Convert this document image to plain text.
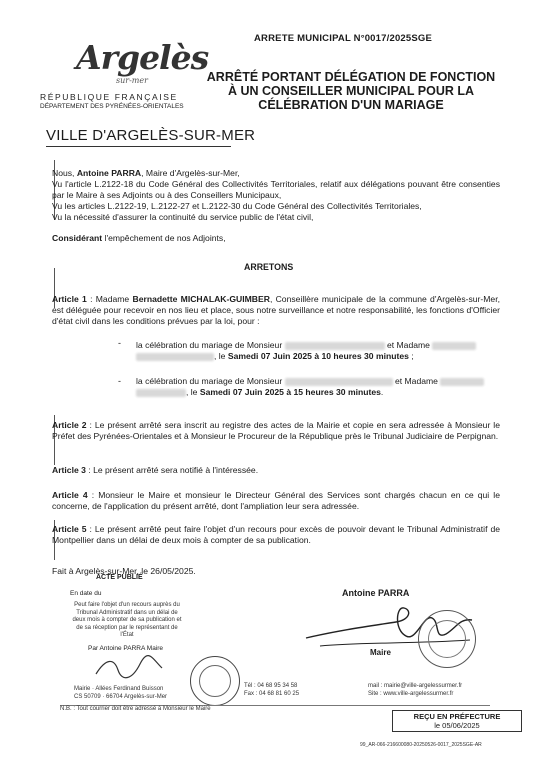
Argelès
sur-mer
RÉPUBLIQUE FRANÇAISE
DÉPARTEMENT DES PYRÉNÉES-ORIENTALES
ARRETE MUNICIPAL N°0017/2025SGE
ARRÊTÉ PORTANT DÉLÉGATION DE FONCTION
À UN CONSEILLER MUNICIPAL POUR LA
CÉLÉBRATION D'UN MARIAGE
VILLE D'ARGELÈS-SUR-MER
Nous, Antoine PARRA, Maire d'Argelès-sur-Mer,
Vu l'article L.2122-18 du Code Général des Collectivités Territoriales, relatif aux délégations pouvant être consenties par le Maire à ses Adjoints ou à des Conseillers Municipaux,
Vu les articles L.2122-19, L.2122-27 et L.2122-30 du Code Général des Collectivités Territoriales,
Vu la nécessité d'assurer la continuité du service public de l'état civil,
Considérant l'empêchement de nos Adjoints,
ARRETONS
Article 1 : Madame Bernadette MICHALAK-GUIMBER, Conseillère municipale de la commune d'Argelès-sur-Mer, est déléguée pour recevoir en nos lieu et place, sous notre surveillance et notre responsabilité, les fonctions d'Officier d'état civil dans les conditions prévues par la loi, pour :
- la célébration du mariage de Monsieur	et Madame
, le Samedi 07 Juin 2025 à 10 heures 30 minutes ;
- la célébration du mariage de Monsieur	et Madame
, le Samedi 07 Juin 2025 à 15 heures 30 minutes.
Article 2 : Le présent arrêté sera inscrit au registre des actes de la Mairie et copie en sera adressée à Monsieur le Préfet des Pyrénées-Orientales et à Monsieur le Procureur de la République près le Tribunal Judiciaire de Perpignan.
Article 3 : Le présent arrêté sera notifié à l'intéressée.
Article 4 : Monsieur le Maire et monsieur le Directeur Général des Services sont chargés chacun en ce qui le concerne, de l'application du présent arrêté, dont l'ampliation leur sera adressée.
Article 5 : Le présent arrêté peut faire l'objet d'un recours pour excès de pouvoir devant le Tribunal Administratif de Montpellier dans un délai de deux mois à compter de sa publication.
Fait à Argelès-sur-Mer, le 26/05/2025.
ACTE PUBLIÉ
En date du
Peut faire l'objet d'un recours auprès du Tribunal Administratif dans un délai de deux mois à compter de sa publication et de sa réception par le représentant de l'État
Par Antoine PARRA Maire
Antoine PARRA
Maire
Mairie · Allées Ferdinand Buisson
CS 50709 · 66704 Argelès-sur-Mer
Tél : 04 68 95 34 58
Fax : 04 68 81 60 25
mail : mairie@ville-argelessurmer.fr
Site : www.ville-argelessurmer.fr
N.B. : Tout courrier doit être adressé à Monsieur le Maire
REÇU EN PRÉFECTURE
le 05/06/2025
99_AR-066-216600080-20250526-0017_2025SGE-AR
